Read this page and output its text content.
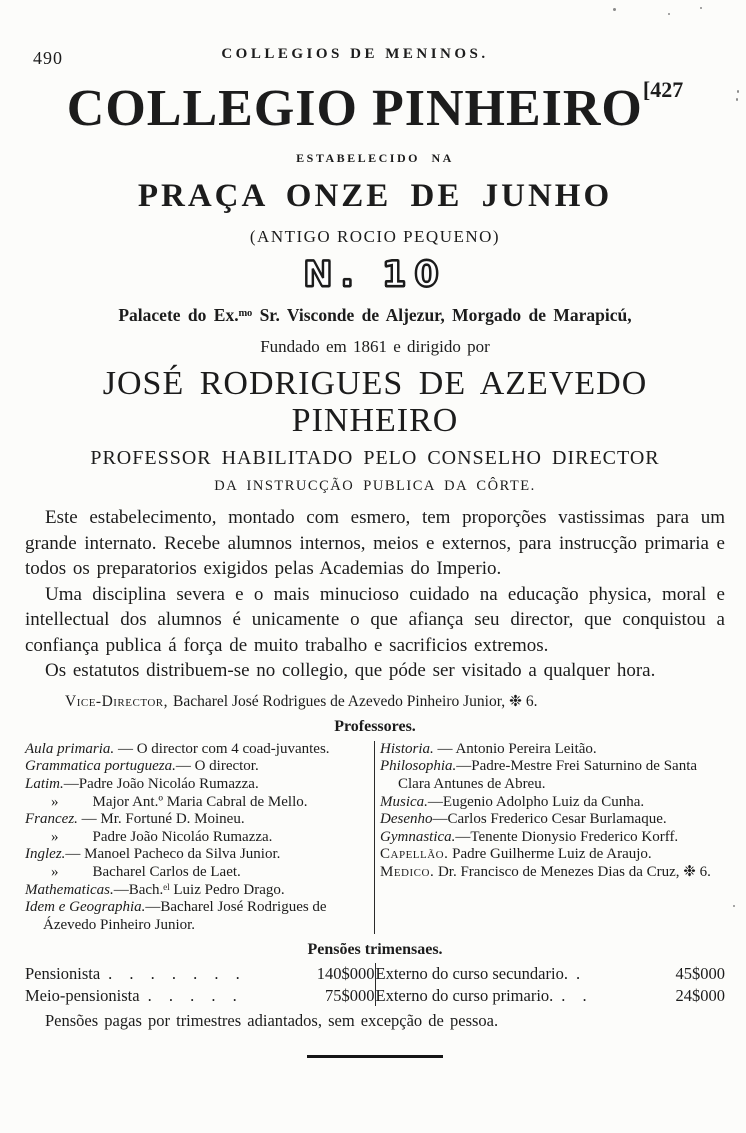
490	COLLEGIOS DE MENINOS.
COLLEGIO PINHEIRO$^{[427}$
ESTABELECIDO NA
PRAÇA ONZE DE JUNHO
(ANTIGO ROCIO PEQUENO)
N. 10
Palacete do Ex.ᵐᵒ Sr. Visconde de Aljezur, Morgado de Marapicú,
Fundado em 1861 e dirigido por
JOSÉ RODRIGUES DE AZEVEDO PINHEIRO
PROFESSOR HABILITADO PELO CONSELHO DIRECTOR
DA INSTRUCÇÃO PUBLICA DA CÔRTE.

Este estabelecimento, montado com esmero, tem proporções vastissimas para um grande internato. Recebe alumnos internos, meios e externos, para instrucção primaria e todos os preparatorios exigidos pelas Academias do Imperio.

Uma disciplina severa e o mais minucioso cuidado na educação physica, moral e intellectual dos alumnos é unicamente o que afiança seu director, que conquistou a confiança publica á força de muito trabalho e sacrificios extremos.

Os estatutos distribuem-se no collegio, que póde ser visitado a qualquer hora.

Vice-Director, Bacharel José Rodrigues de Azevedo Pinheiro Junior, ❉ 6.
Professores.
Aula primaria. — O director com 4 coad-juvantes.
Grammatica portugueza.— O director.
Latim.—Padre João Nicoláo Rumazza.
» Major Ant.º Maria Cabral de Mello.
Francez. — Mr. Fortuné D. Moineu.
» Padre João Nicoláo Rumazza.
Inglez.— Manoel Pacheco da Silva Junior.
» Bacharel Carlos de Laet.
Mathematicas.—Bach.ᵉˡ Luiz Pedro Drago.
Idem e Geographia.—Bacharel José Rodrigues de Ázevedo Pinheiro Junior.
Historia. — Antonio Pereira Leitão.
Philosophia.—Padre-Mestre Frei Saturnino de Santa Clara Antunes de Abreu.
Musica.—Eugenio Adolpho Luiz da Cunha.
Desenho—Carlos Frederico Cesar Burlamaque.
Gymnastica.—Tenente Dionysio Frederico Korff.
Capellão. Padre Guilherme Luiz de Araujo.
Medico. Dr. Francisco de Menezes Dias da Cruz, ❉ 6.
Pensões trimensaes.
Pensionista . . . . . . .	140$000
Meio-pensionista . . . . .	75$000
Externo do curso secundario. .	45$000
Externo do curso primario. . .	24$000
Pensões pagas por trimestres adiantados, sem excepção de pessoa.
